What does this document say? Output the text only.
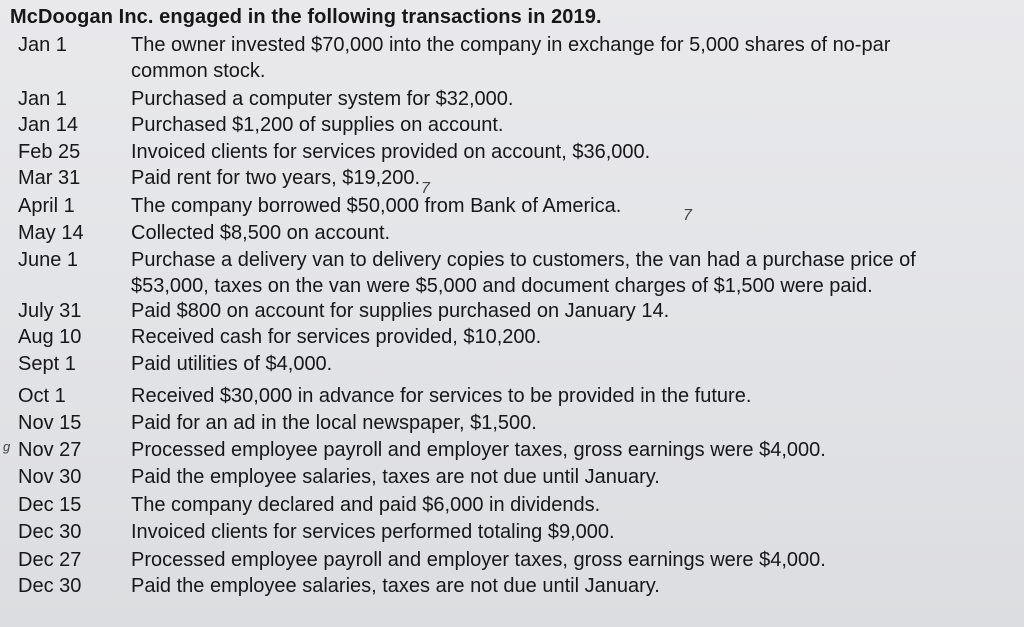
McDoogan Inc. engaged in the following transactions in 2019.
Jan 1	The owner invested $70,000 into the company in exchange for 5,000 shares of no-par
common stock.
Jan 1	Purchased a computer system for $32,000.
Jan 14	Purchased $1,200 of supplies on account.
Feb 25	Invoiced clients for services provided on account, $36,000.
Mar 31	Paid rent for two years, $19,200.
April 1	The company borrowed $50,000 from Bank of America.
May 14 Collected $8,500 on account.
June 1	Purchase a delivery van to delivery copies to customers, the van had a purchase price of
$53,000, taxes on the van were $5,000 and document charges of $1,500 were paid.
July 31 Paid $800 on account for supplies purchased on January 14.
Aug 10 Received cash for services provided, $10,200.
Sept 1	Paid utilities of $4,000.
Oct 1	Received $30,000 in advance for services to be provided in the future.
Nov 15 Paid for an ad in the local newspaper, $1,500.
Nov 27 Processed employee payroll and employer taxes, gross earnings were $4,000.
Nov 30 Paid the employee salaries, taxes are not due until January.
Dec 15 The company declared and paid $6,000 in dividends.
Dec 30 Invoiced clients for services performed totaling $9,000.
Dec 27 Processed employee payroll and employer taxes, gross earnings were $4,000.
Dec 30 Paid the employee salaries, taxes are not due until January.
7
7
g
